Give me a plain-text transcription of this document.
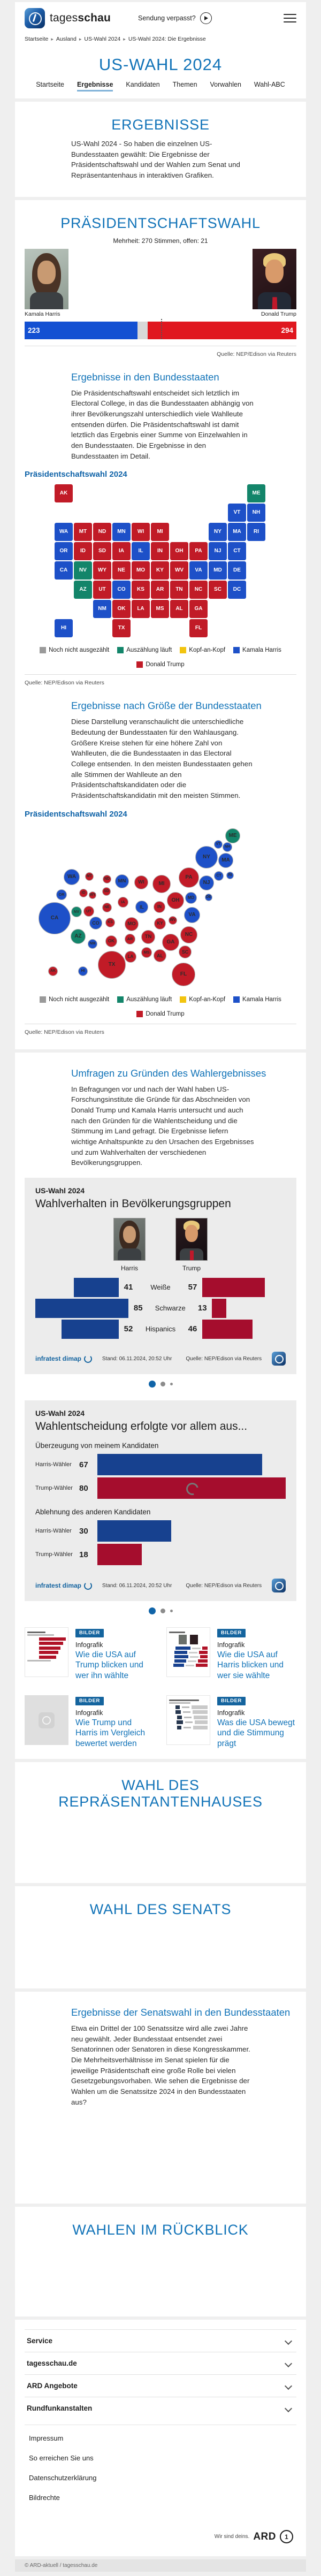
tagesschau	Sendung verpasst?
Startseite ▸ Ausland ▸ US-Wahl 2024 ▸ US-Wahl 2024: Die Ergebnisse
US-WAHL 2024
Startseite Ergebnisse Kandidaten Themen Vorwahlen Wahl-ABC
ERGEBNISSE

US-Wahl 2024 - So haben die einzelnen US-Bundesstaaten gewählt: Die Ergebnisse der Präsidentschaftswahl und der Wahlen zum Senat und Repräsentantenhaus in interaktiven Grafiken.

PRÄSIDENTSCHAFTSWAHL

Mehrheit: 270 Stimmen, offen: 21

Kamala Harris	Donald Trump
223	294
Quelle: NEP/Edison via Reuters
Ergebnisse in den Bundesstaaten

Die Präsidentschaftswahl entscheidet sich letztlich im Electoral College, in das die Bundesstaaten abhängig von ihrer Bevölkerungszahl unterschiedlich viele Wahlleute entsenden dürfen. Die Präsidentschaftswahl ist damit letztlich das Ergebnis einer Summe von Einzelwahlen in den Bundesstaaten. Die Ergebnisse in den Bundesstaaten im Detail.

Präsidentschaftswahl 2024
AK	ME
VT	NH
WA	MT	ND	MN	WI	MI	NY	MA	RI
OR	ID	SD	IA	IL	IN	OH	PA	NJ	CT
CA	NV	WY	NE	MO	KY	WV	VA	MD	DE
AZ	UT	CO	KS	AR	TN	NC	SC	DC
NM	OK	LA	MS	AL	GA
HI	TX	FL
Noch nicht ausgezählt	Auszählung läuft	Kopf-an-Kopf	Kamala Harris
Donald Trump
Quelle: NEP/Edison via Reuters
Ergebnisse nach Größe der Bundesstaaten

Diese Darstellung veranschaulicht die unterschiedliche Bedeutung der Bundesstaaten für den Wahlausgang. Größere Kreise stehen für eine höhere Zahl von Wahlleuten, die die Bundesstaaten in das Electoral College entsenden. In den meisten Bundesstaaten gehen alle Stimmen der Wahlleute an den Präsidentschaftskandidaten oder die Präsidentschaftskandidatin mit den meisten Stimmen.

Präsidentschaftswahl 2024
ME
VT
NH
NY
MA
CT	RI
WA	MT
ND	MN	WI	MI
PA
NJ
OR	ID
WY
SD
IA
IL	IN
OH	MD	DE
CA
NV	UT
NE
VA
CO	KS	MO	KY
WV
NC
AZ
NM
OK	AR	TN
GA
SC
MS
AL
LA
TX
AK	HI
FL
Noch nicht ausgezählt	Auszählung läuft	Kopf-an-Kopf	Kamala Harris
Donald Trump
Quelle: NEP/Edison via Reuters
Umfragen zu Gründen des Wahlergebnisses

In Befragungen vor und nach der Wahl haben US-Forschungsinstitute die Gründe für das Abschneiden von Donald Trump und Kamala Harris untersucht und auch nach den Gründen für die Wahlentscheidung und die Stimmung im Land gefragt. Die Ergebnisse liefern wichtige Anhaltspunkte zu den Ursachen des Ergebnisses und zum Wahlverhalten der verschiedenen Bevölkerungsgruppen.

US-Wahl 2024
Wahlverhalten in Bevölkerungsgruppen
Harris	Trump
41	Weiße	57
85	Schwarze	13
52	Hispanics	46
infratest dimap	Stand: 06.11.2024, 20:52 Uhr	Quelle: NEP/Edison via Reuters
US-Wahl 2024
Wahlentscheidung erfolgte vor allem aus...
Überzeugung von meinem Kandidaten
Harris-Wähler 67
Trump-Wähler 80
Ablehnung des anderen Kandidaten
Harris-Wähler 30
Trump-Wähler 18
infratest dimap	Stand: 06.11.2024, 20:52 Uhr	Quelle: NEP/Edison via Reuters
BILDER
Infografik
Wie die USA auf Trump blicken und wer ihn wählte
BILDER
Infografik
Wie die USA auf Harris blicken und wer sie wählte
BILDER
Infografik
Wie Trump und Harris im Vergleich bewertet werden
BILDER
Infografik
Was die USA bewegt und die Stimmung prägt
WAHL DES REPRÄSENTANTENHAUSES
WAHL DES SENATS
Ergebnisse der Senatswahl in den Bundesstaaten

Etwa ein Drittel der 100 Senatssitze wird alle zwei Jahre neu gewählt. Jeder Bundesstaat entsendet zwei Senatorinnen oder Senatoren in diese Kongresskammer. Die Mehrheitsverhältnisse im Senat spielen für die jeweilige Präsidentschaft eine große Rolle bei vielen Gesetzgebungsvorhaben. Wie sehen die Ergebnisse der Wahlen um die Senatssitze 2024 in den Bundesstaaten aus?

WAHLEN IM RÜCKBLICK
Service
tagesschau.de
ARD Angebote
Rundfunkanstalten
Impressum
So erreichen Sie uns
Datenschutzerklärung
Bildrechte
Wir sind deins. ARD	1
© ARD-aktuell / tagesschau.de
